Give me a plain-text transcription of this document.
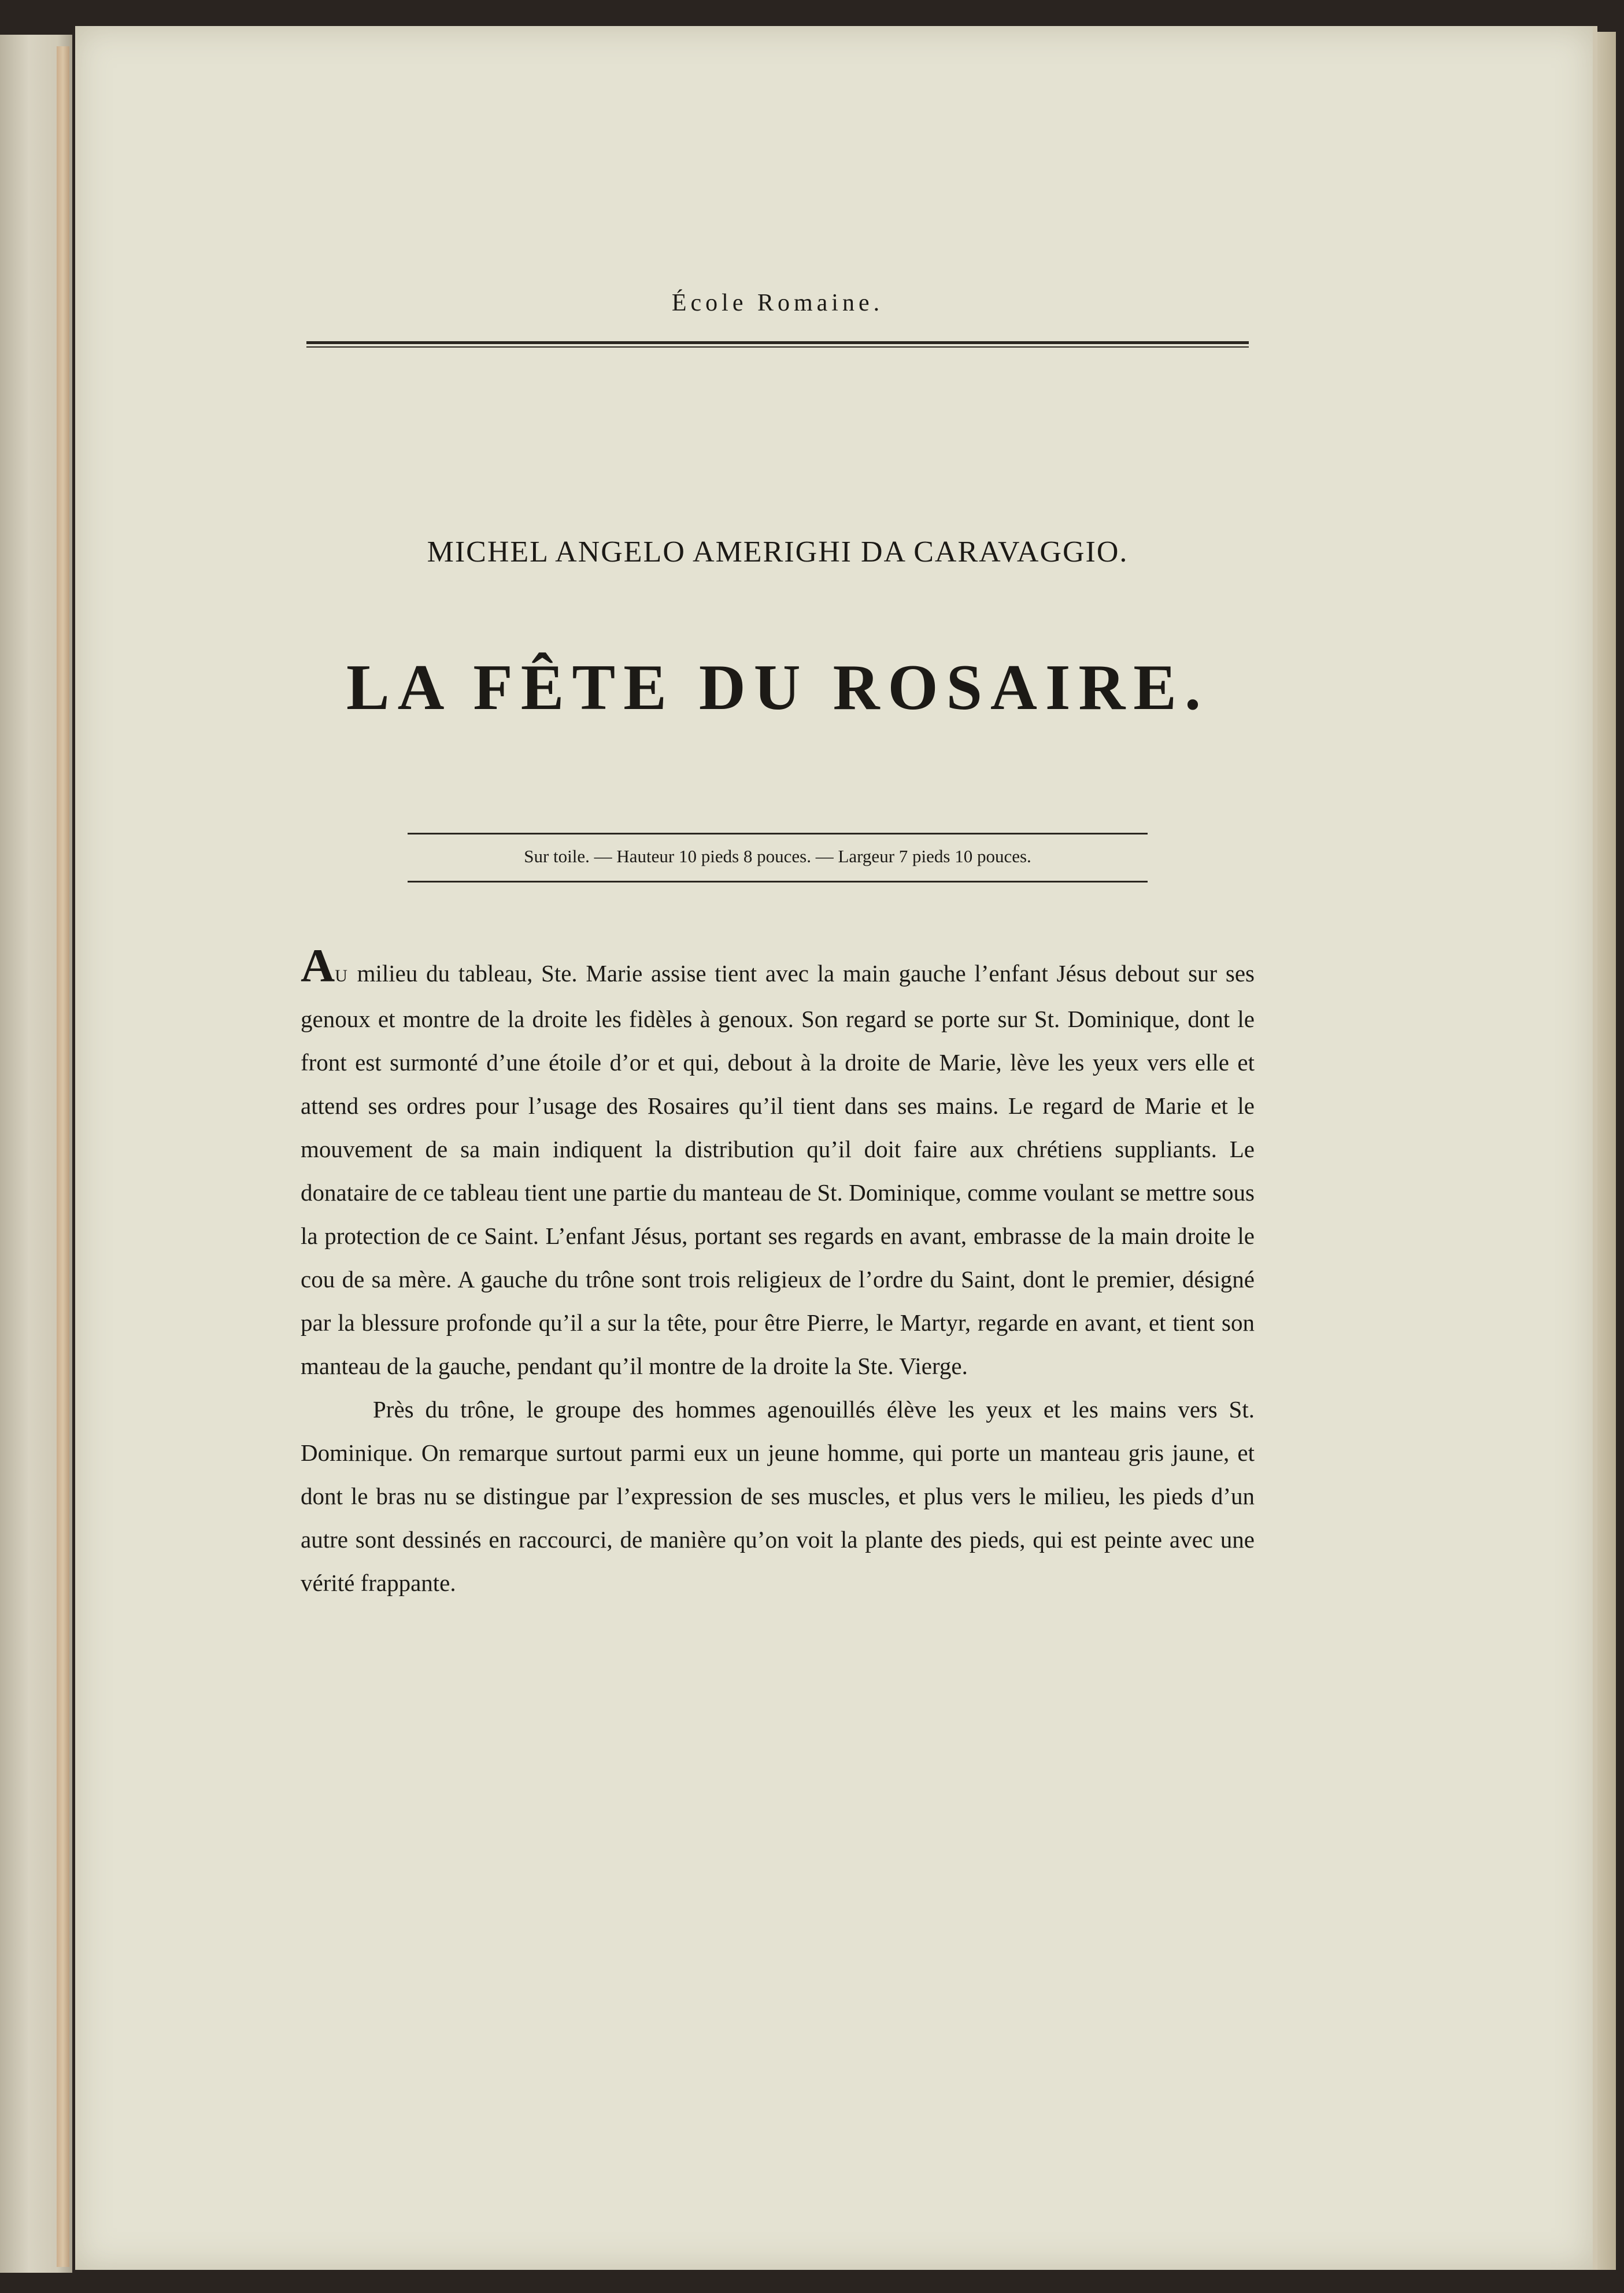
École Romaine.
MICHEL ANGELO AMERIGHI DA CARAVAGGIO.
LA FÊTE DU ROSAIRE.
Sur toile. — Hauteur 10 pieds 8 pouces. — Largeur 7 pieds 10 pouces.

AU milieu du tableau, Ste. Marie assise tient avec la main gauche l’enfant Jésus debout sur ses genoux et montre de la droite les fidèles à genoux. Son regard se porte sur St. Dominique, dont le front est surmonté d’une étoile d’or et qui, debout à la droite de Marie, lève les yeux vers elle et attend ses ordres pour l’usage des Rosaires qu’il tient dans ses mains. Le regard de Marie et le mouvement de sa main indiquent la distribution qu’il doit faire aux chrétiens suppliants. Le donataire de ce tableau tient une partie du manteau de St. Dominique, comme voulant se mettre sous la protection de ce Saint. L’enfant Jésus, portant ses regards en avant, embrasse de la main droite le cou de sa mère. A gauche du trône sont trois religieux de l’ordre du Saint, dont le premier, désigné par la blessure profonde qu’il a sur la tête, pour être Pierre, le Martyr, regarde en avant, et tient son manteau de la gauche, pendant qu’il montre de la droite la Ste. Vierge.

Près du trône, le groupe des hommes agenouillés élève les yeux et les mains vers St. Dominique. On remarque surtout parmi eux un jeune homme, qui porte un manteau gris jaune, et dont le bras nu se distingue par l’expression de ses muscles, et plus vers le milieu, les pieds d’un autre sont dessinés en raccourci, de manière qu’on voit la plante des pieds, qui est peinte avec une vérité frappante.
